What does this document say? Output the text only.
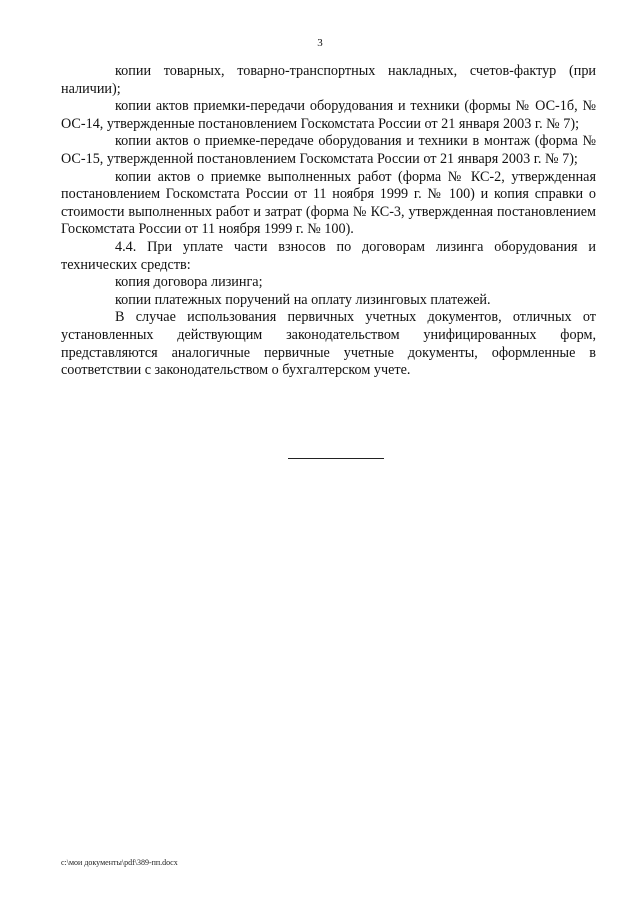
3

копии товарных, товарно-транспортных накладных, счетов-фактур (при наличии);

копии актов приемки-передачи оборудования и техники (формы № ОС-1б, № ОС-14, утвержденные постановлением Госкомстата России от 21 января 2003 г. № 7);

копии актов о приемке-передаче оборудования и техники в монтаж (форма № ОС-15, утвержденной постановлением Госкомстата России от 21 января 2003 г. № 7);

копии актов о приемке выполненных работ (форма № КС-2, утвержденная постановлением Госкомстата России от 11 ноября 1999 г. № 100) и копия справки о стоимости выполненных работ и затрат (форма № КС-3, утвержденная постановлением Госкомстата России от 11 ноября 1999 г. № 100).

4.4. При уплате части взносов по договорам лизинга оборудования и технических средств:

копия договора лизинга;

копии платежных поручений на оплату лизинговых платежей.

В случае использования первичных учетных документов, отличных от установленных действующим законодательством унифицированных форм, представляются аналогичные первичные учетные документы, оформленные в соответствии с законодательством о бухгалтерском учете.

c:\мои документы\pdf\389-пп.docx
